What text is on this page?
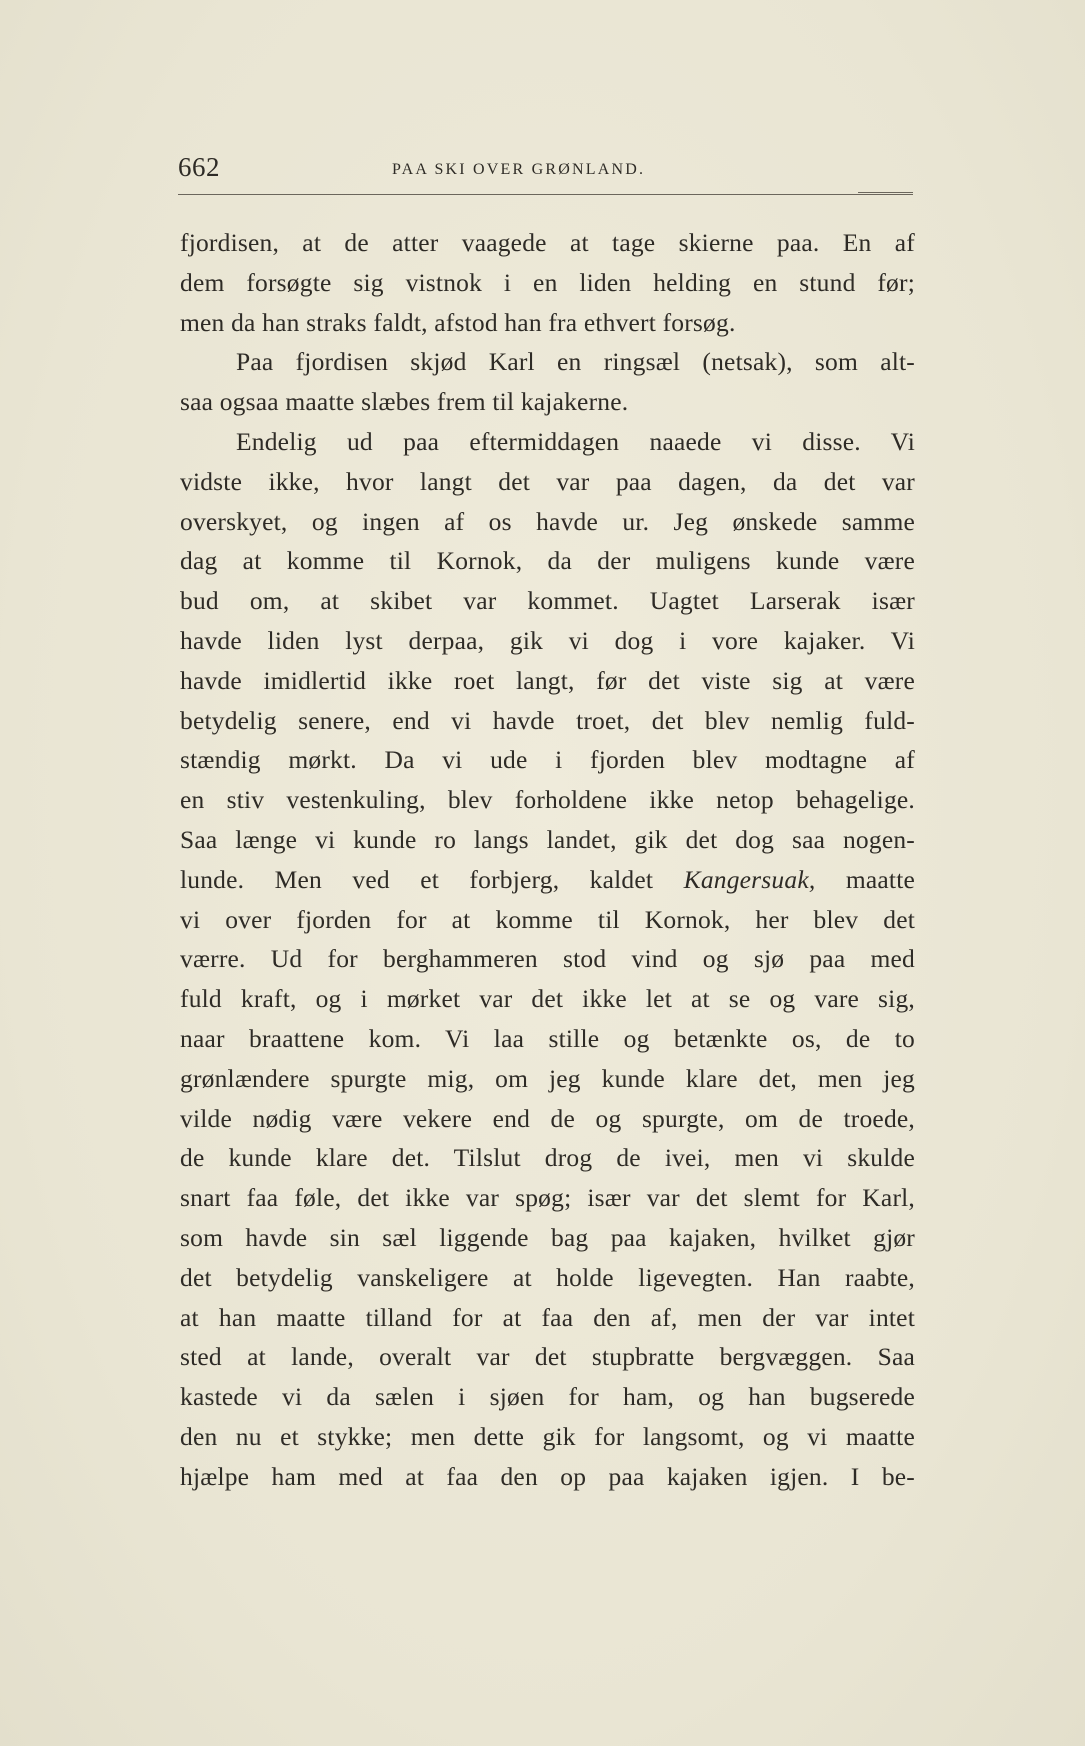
662	PAA SKI OVER GRØNLAND.
fjordisen, at de atter vaagede at tage skierne paa. En af
dem forsøgte sig vistnok i en liden helding en stund før;
men da han straks faldt, afstod han fra ethvert forsøg.
Paa fjordisen skjød Karl en ringsæl (netsak), som alt-
saa ogsaa maatte slæbes frem til kajakerne.
Endelig ud paa eftermiddagen naaede vi disse. Vi
vidste ikke, hvor langt det var paa dagen, da det var
overskyet, og ingen af os havde ur. Jeg ønskede samme
dag at komme til Kornok, da der muligens kunde være
bud om, at skibet var kommet. Uagtet Larserak især
havde liden lyst derpaa, gik vi dog i vore kajaker. Vi
havde imidlertid ikke roet langt, før det viste sig at være
betydelig senere, end vi havde troet, det blev nemlig fuld-
stændig mørkt. Da vi ude i fjorden blev modtagne af
en stiv vestenkuling, blev forholdene ikke netop behagelige.
Saa længe vi kunde ro langs landet, gik det dog saa nogen-
lunde. Men ved et forbjerg, kaldet Kangersuak, maatte
vi over fjorden for at komme til Kornok, her blev det
værre. Ud for berghammeren stod vind og sjø paa med
fuld kraft, og i mørket var det ikke let at se og vare sig,
naar braattene kom. Vi laa stille og betænkte os, de to
grønlændere spurgte mig, om jeg kunde klare det, men jeg
vilde nødig være vekere end de og spurgte, om de troede,
de kunde klare det. Tilslut drog de ivei, men vi skulde
snart faa føle, det ikke var spøg; især var det slemt for Karl,
som havde sin sæl liggende bag paa kajaken, hvilket gjør
det betydelig vanskeligere at holde ligevegten. Han raabte,
at han maatte tilland for at faa den af, men der var intet
sted at lande, overalt var det stupbratte bergvæggen. Saa
kastede vi da sælen i sjøen for ham, og han bugserede
den nu et stykke; men dette gik for langsomt, og vi maatte
hjælpe ham med at faa den op paa kajaken igjen. I be-
